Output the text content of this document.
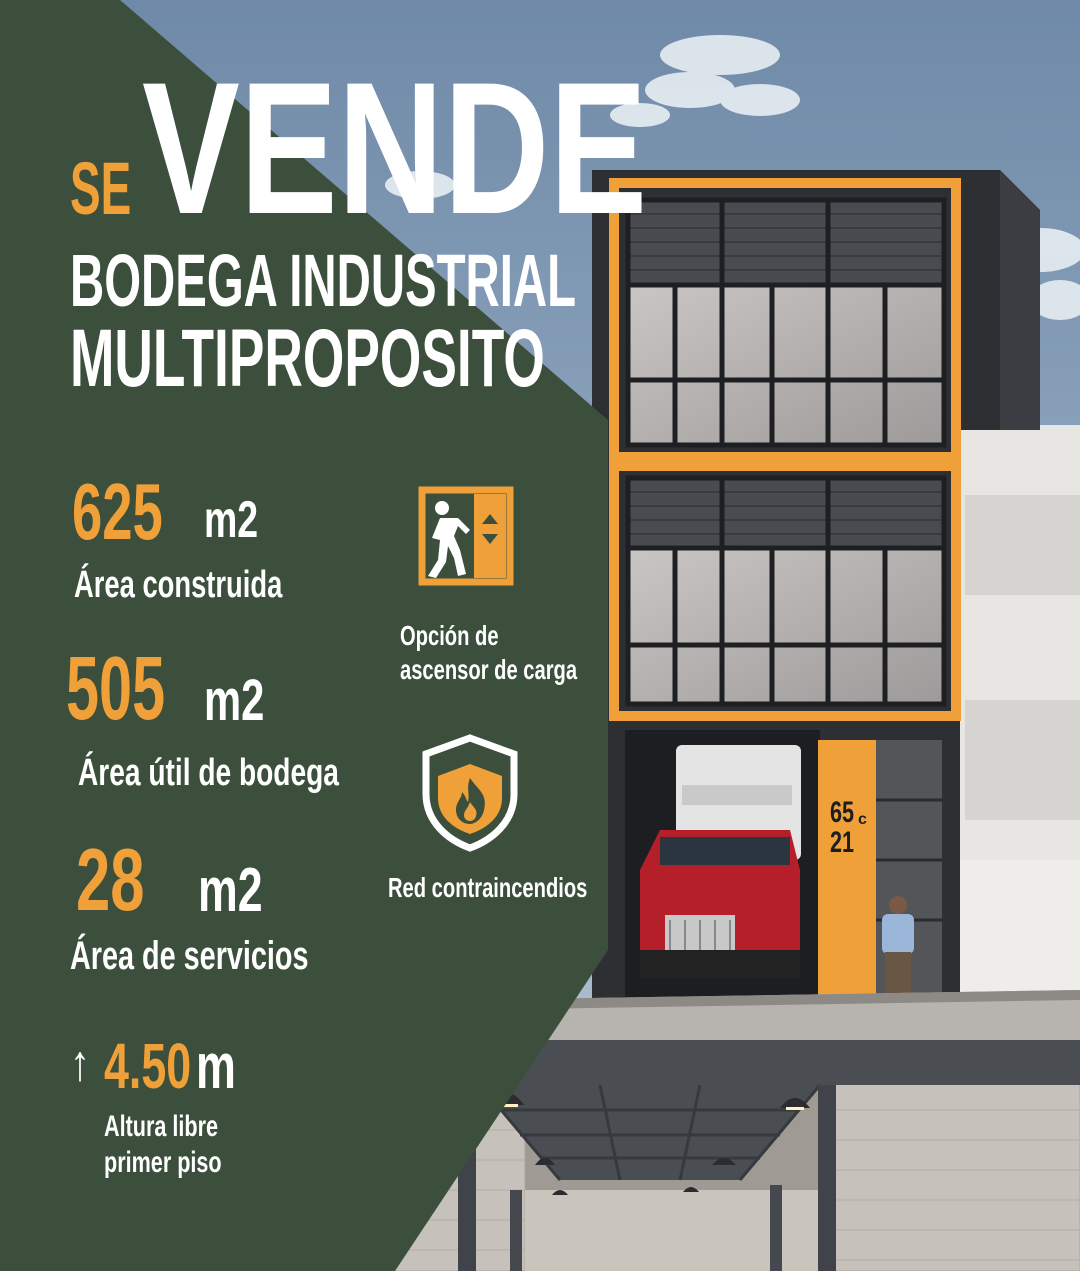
SE VENDE
BODEGA INDUSTRIAL
MULTIPROPOSITO
625 m2
Área construida
505 m2
Área útil de bodega
28 m2
Área de servicios
↑ 4.50 m
Altura libre
primer piso
Opción de
ascensor de carga
Red contraincendios
65 c
21
